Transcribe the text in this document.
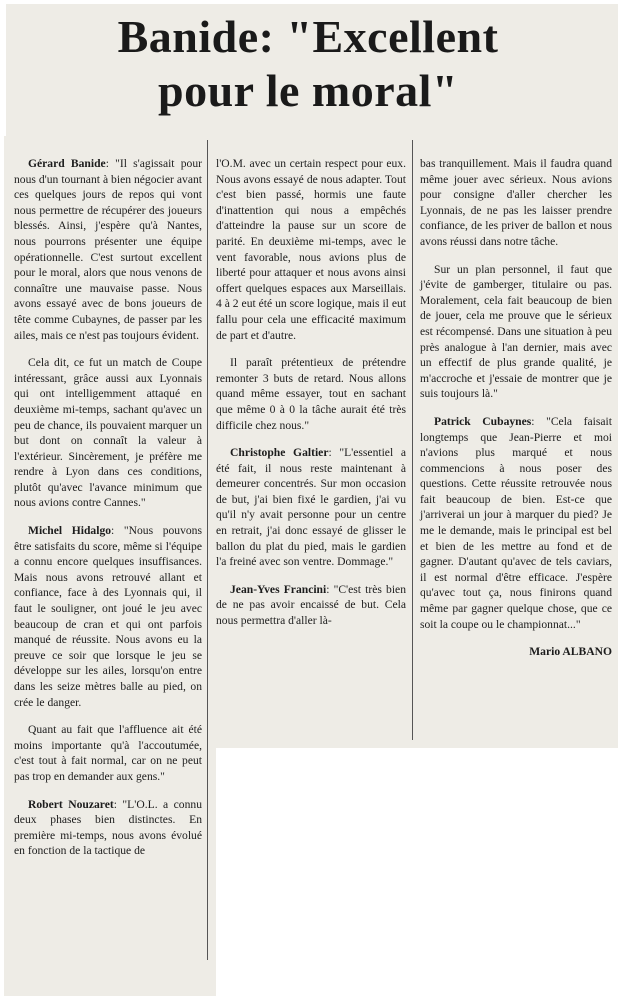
Banide: "Excellent
pour le moral"

Gérard Banide: "Il s'agissait pour nous d'un tournant à bien négocier avant ces quelques jours de repos qui vont nous permettre de récupérer des joueurs blessés. Ainsi, j'espère qu'à Nantes, nous pourrons présenter une équipe opérationnelle. C'est surtout excellent pour le moral, alors que nous venons de connaître une mauvaise passe. Nous avons essayé avec de bons joueurs de tête comme Cubaynes, de passer par les ailes, mais ce n'est pas toujours évident.

Cela dit, ce fut un match de Coupe intéressant, grâce aussi aux Lyonnais qui ont intelligemment attaqué en deuxième mi-temps, sachant qu'avec un peu de chance, ils pouvaient marquer un but dont on connaît la valeur à l'extérieur. Sincèrement, je préfère me rendre à Lyon dans ces conditions, plutôt qu'avec l'avance minimum que nous avions contre Cannes."

Michel Hidalgo: "Nous pouvons être satisfaits du score, même si l'équipe a connu encore quelques insuffisances. Mais nous avons retrouvé allant et confiance, face à des Lyonnais qui, il faut le souligner, ont joué le jeu avec beaucoup de cran et qui ont parfois manqué de réussite. Nous avons eu la preuve ce soir que lorsque le jeu se développe sur les ailes, lorsqu'on entre dans les seize mètres balle au pied, on crée le danger.

Quant au fait que l'affluence ait été moins importante qu'à l'accoutumée, c'est tout à fait normal, car on ne peut pas trop en demander aux gens."

Robert Nouzaret: "L'O.L. a connu deux phases bien distinctes. En première mi-temps, nous avons évolué en fonction de la tactique de

l'O.M. avec un certain respect pour eux. Nous avons essayé de nous adapter. Tout c'est bien passé, hormis une faute d'inattention qui nous a empêchés d'atteindre la pause sur un score de parité. En deuxième mi-temps, avec le vent favorable, nous avions plus de liberté pour attaquer et nous avons ainsi offert quelques espaces aux Marseillais. 4 à 2 eut été un score logique, mais il eut fallu pour cela une efficacité maximum de part et d'autre.

Il paraît prétentieux de prétendre remonter 3 buts de retard. Nous allons quand même essayer, tout en sachant que même 0 à 0 la tâche aurait été très difficile chez nous."

Christophe Galtier: "L'essentiel a été fait, il nous reste maintenant à demeurer concentrés. Sur mon occasion de but, j'ai bien fixé le gardien, j'ai vu qu'il n'y avait personne pour un centre en retrait, j'ai donc essayé de glisser le ballon du plat du pied, mais le gardien l'a freiné avec son ventre. Dommage."

Jean-Yves Francini: "C'est très bien de ne pas avoir encaissé de but. Cela nous permettra d'aller là-

bas tranquillement. Mais il faudra quand même jouer avec sérieux. Nous avions pour consigne d'aller chercher les Lyonnais, de ne pas les laisser prendre confiance, de les priver de ballon et nous avons réussi dans notre tâche.

Sur un plan personnel, il faut que j'évite de gamberger, titulaire ou pas. Moralement, cela fait beaucoup de bien de jouer, cela me prouve que le sérieux est récompensé. Dans une situation à peu près analogue à l'an dernier, mais avec un effectif de plus grande qualité, je m'accroche et j'essaie de montrer que je suis toujours là."

Patrick Cubaynes: "Cela faisait longtemps que Jean-Pierre et moi n'avions plus marqué et nous commencions à nous poser des questions. Cette réussite retrouvée nous fait beaucoup de bien. Est-ce que j'arriverai un jour à marquer du pied? Je me le demande, mais le principal est bel et bien de les mettre au fond et de gagner. D'autant qu'avec de tels caviars, il est normal d'être efficace. J'espère qu'avec tout ça, nous finirons quand même par gagner quelque chose, que ce soit la coupe ou le championnat..."

Mario ALBANO
